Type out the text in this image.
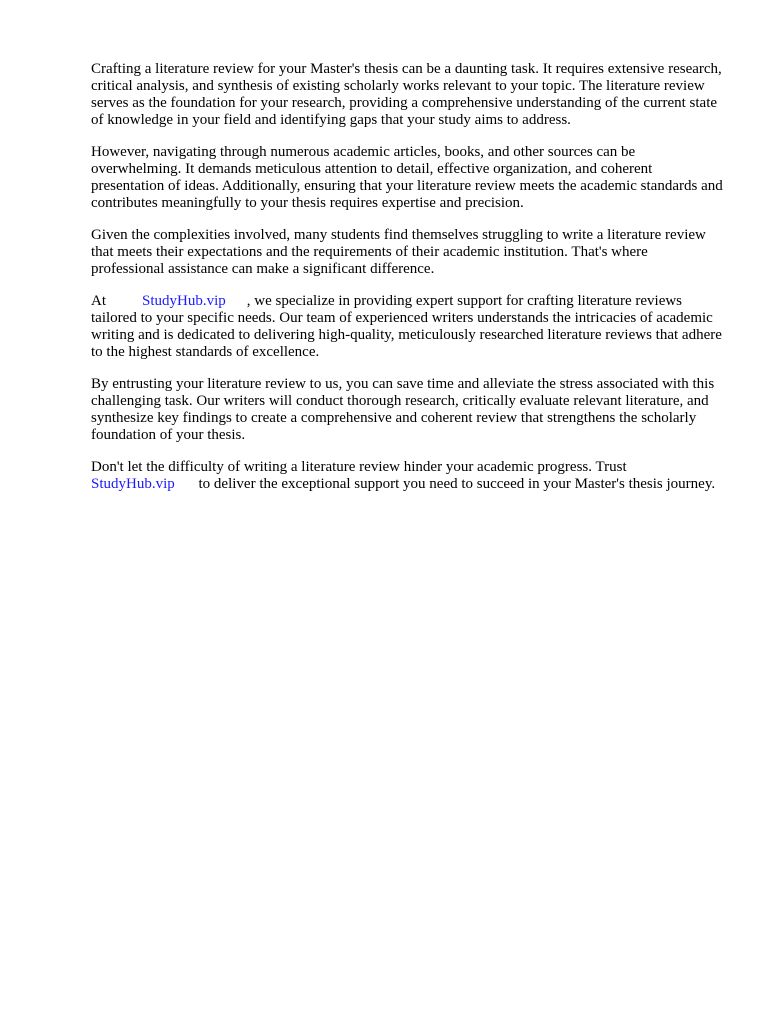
Crafting a literature review for your Master's thesis can be a daunting task. It requires extensive research, critical analysis, and synthesis of existing scholarly works relevant to your topic. The literature review serves as the foundation for your research, providing a comprehensive understanding of the current state of knowledge in your field and identifying gaps that your study aims to address.

However, navigating through numerous academic articles, books, and other sources can be overwhelming. It demands meticulous attention to detail, effective organization, and coherent presentation of ideas. Additionally, ensuring that your literature review meets the academic standards and contributes meaningfully to your thesis requires expertise and precision.

Given the complexities involved, many students find themselves struggling to write a literature review that meets their expectations and the requirements of their academic institution. That's where professional assistance can make a significant difference.

At StudyHub.vip , we specialize in providing expert support for crafting literature reviews tailored to your specific needs. Our team of experienced writers understands the intricacies of academic writing and is dedicated to delivering high-quality, meticulously researched literature reviews that adhere to the highest standards of excellence.

By entrusting your literature review to us, you can save time and alleviate the stress associated with this challenging task. Our writers will conduct thorough research, critically evaluate relevant literature, and synthesize key findings to create a comprehensive and coherent review that strengthens the scholarly foundation of your thesis.

Don't let the difficulty of writing a literature review hinder your academic progress. Trust
StudyHub.vip to deliver the exceptional support you need to succeed in your Master's thesis journey.
